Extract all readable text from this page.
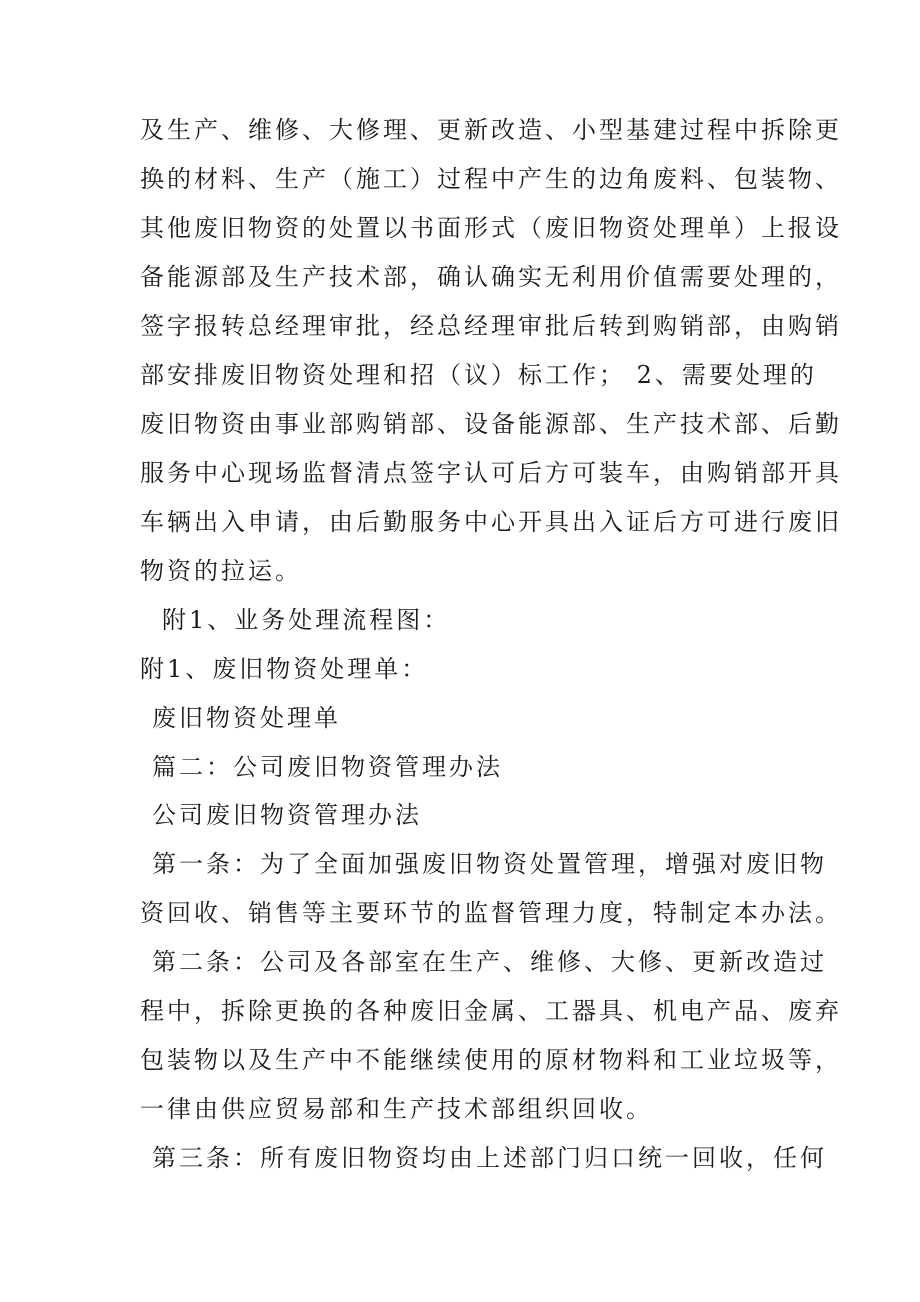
及生产、维修、大修理、更新改造、小型基建过程中拆除更
换的材料、生产（施工）过程中产生的边角废料、包装物、
其他废旧物资的处置以书面形式（废旧物资处理单）上报设
备能源部及生产技术部，确认确实无利用价值需要处理的，
签字报转总经理审批，经总经理审批后转到购销部，由购销
部安排废旧物资处理和招（议）标工作； 2、需要处理的
废旧物资由事业部购销部、设备能源部、生产技术部、后勤
服务中心现场监督清点签字认可后方可装车，由购销部开具
车辆出入申请，由后勤服务中心开具出入证后方可进行废旧
物资的拉运。
附1、业务处理流程图：
附1、废旧物资处理单：
废旧物资处理单
篇二：公司废旧物资管理办法
公司废旧物资管理办法
第一条：为了全面加强废旧物资处置管理，增强对废旧物
资回收、销售等主要环节的监督管理力度，特制定本办法。
第二条：公司及各部室在生产、维修、大修、更新改造过
程中，拆除更换的各种废旧金属、工器具、机电产品、废弃
包装物以及生产中不能继续使用的原材物料和工业垃圾等，
一律由供应贸易部和生产技术部组织回收。
第三条：所有废旧物资均由上述部门归口统一回收，任何
